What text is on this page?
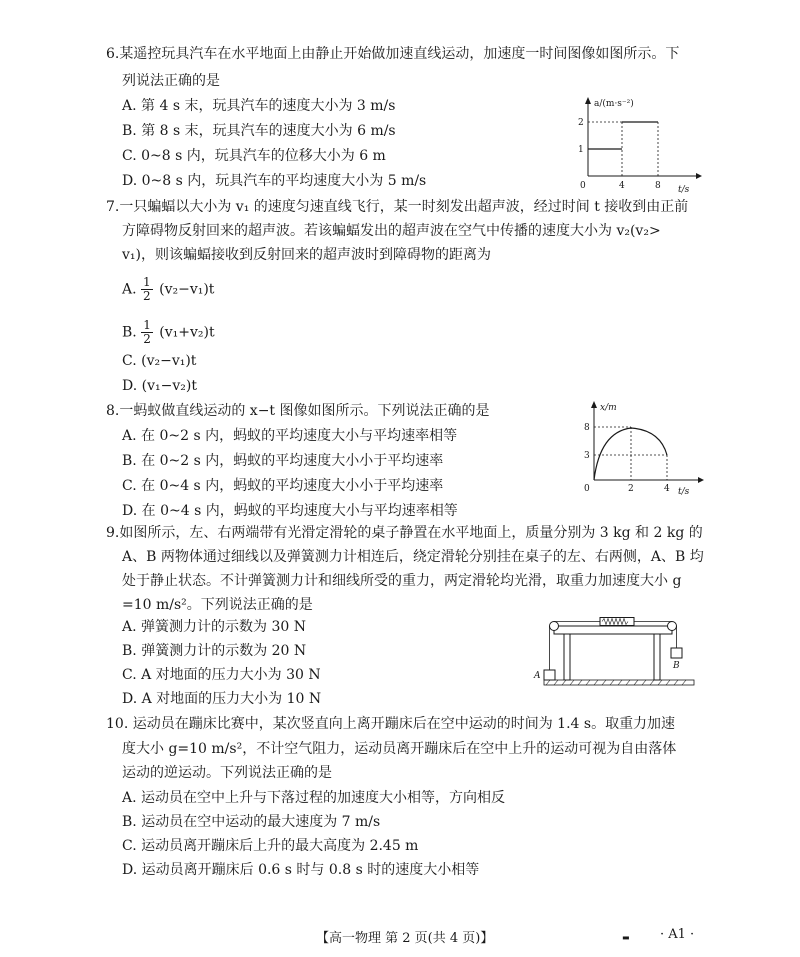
6.某遥控玩具汽车在水平地面上由静止开始做加速直线运动，加速度一时间图像如图所示。下
列说法正确的是
A. 第 4 s 末，玩具汽车的速度大小为 3 m/s
B. 第 8 s 末，玩具汽车的速度大小为 6 m/s
C. 0~8 s 内，玩具汽车的位移大小为 6 m
D. 0~8 s 内，玩具汽车的平均速度大小为 5 m/s
a/(m·s⁻²)
t/s
0
1
2
4	8
7.一只蝙蝠以大小为 v₁ 的速度匀速直线飞行，某一时刻发出超声波，经过时间 t 接收到由正前
方障碍物反射回来的超声波。若该蝙蝠发出的超声波在空气中传播的速度大小为 v₂(v₂>
v₁)，则该蝙蝠接收到反射回来的超声波时到障碍物的距离为
A. $\frac{1}{2} (v_2-v_1)t$
B. $\frac{1}{2} (v_1+v_2)t$
C. (v₂−v₁)t
D. (v₁−v₂)t
8.一蚂蚁做直线运动的 x−t 图像如图所示。下列说法正确的是
A. 在 0~2 s 内，蚂蚁的平均速度大小与平均速率相等
B. 在 0~2 s 内，蚂蚁的平均速度大小小于平均速率
C. 在 0~4 s 内，蚂蚁的平均速度大小小于平均速率
D. 在 0~4 s 内，蚂蚁的平均速度大小与平均速率相等
x/m
t/s
0
3
8
2	4
9.如图所示，左、右两端带有光滑定滑轮的桌子静置在水平地面上，质量分别为 3 kg 和 2 kg 的
A、B 两物体通过细线以及弹簧测力计相连后，绕定滑轮分别挂在桌子的左、右两侧，A、B 均
处于静止状态。不计弹簧测力计和细线所受的重力，两定滑轮均光滑，取重力加速度大小 g
=10 m/s²。下列说法正确的是
A. 弹簧测力计的示数为 30 N
B. 弹簧测力计的示数为 20 N
C. A 对地面的压力大小为 30 N
D. A 对地面的压力大小为 10 N
A
B
10. 运动员在蹦床比赛中，某次竖直向上离开蹦床后在空中运动的时间为 1.4 s。取重力加速
度大小 g=10 m/s²，不计空气阻力，运动员离开蹦床后在空中上升的运动可视为自由落体
运动的逆运动。下列说法正确的是
A. 运动员在空中上升与下落过程的加速度大小相等，方向相反
B. 运动员在空中运动的最大速度为 7 m/s
C. 运动员离开蹦床后上升的最大高度为 2.45 m
D. 运动员离开蹦床后 0.6 s 时与 0.8 s 时的速度大小相等
【高一物理 第 2 页(共 4 页)】	▬ · A1 ·
